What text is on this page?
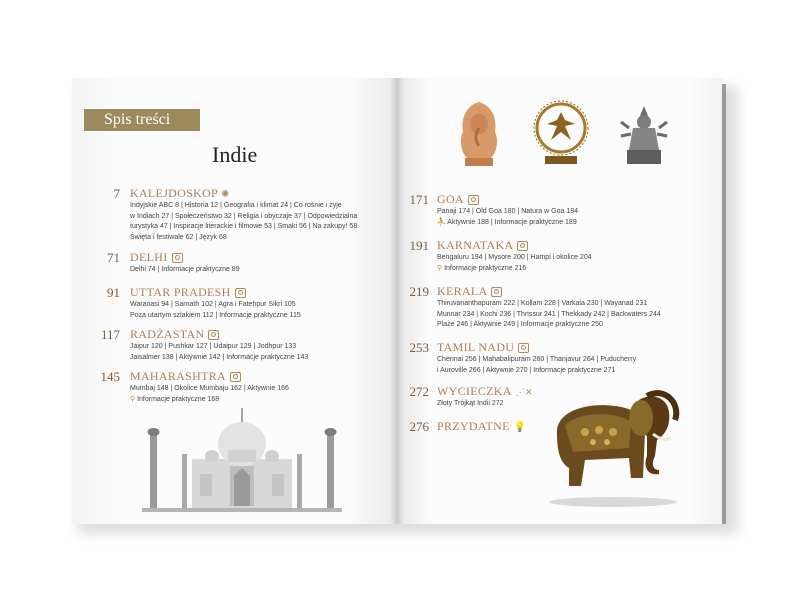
Spis treści
Indie
7 KALEJDOSKOP ✺
Indyjskie ABC 8 | Historia 12 | Geografia i klimat 24 | Co rośnie i żyje
w Indiach 27 | Społeczeństwo 32 | Religia i obyczaje 37 | Odpowiedzialna
turystyka 47 | Inspiracje literackie i filmowe 53 | Smaki 56 | Na zakupy! 58
Święta i festiwale 62 | Język 68
71 DELHI
Delhi 74 | Informacje praktyczne 89
91 UTTAR PRADESH
Waranasi 94 | Sarnath 102 | Agra i Fatehpur Sikri 105
Poza utartym szlakiem 112 | Informacje praktyczne 115
117 RADŻASTAN
Jaipur 120 | Pushkar 127 | Udaipur 129 | Jodhpur 133
Jaisalmer 138 | Aktywnie 142 | Informacje praktyczne 143
145 MAHARASHTRA
Mumbaj 148 | Okolice Mumbaju 162 | Aktywnie 166
⚲ Informacje praktyczne 168
171 GOA
Panaji 174 | Old Goa 180 | Natura w Goa 184
⛹ Aktywnie 188 | Informacje praktyczne 189
191 KARNATAKA
Bengaluru 194 | Mysore 200 | Hampi i okolice 204
⚲ Informacje praktyczne 216
219 KERALA
Thiruvananthapuram 222 | Kollam 228 | Varkala 230 | Wayanad 231
Munnar 234 | Kochi 236 | Thrissur 241 | Thekkady 242 | Backwaters 244
Plaże 246 | Aktywnie 249 | Informacje praktyczne 250
253 TAMIL NADU
Chennai 256 | Mahabalipuram 260 | Thanjavur 264 | Puducherry
i Auroville 266 | Aktywnie 270 | Informacje praktyczne 271
272 WYCIECZKA ⋰✕
Złoty Trójkąt Indii 272
276 PRZYDATNE 💡
